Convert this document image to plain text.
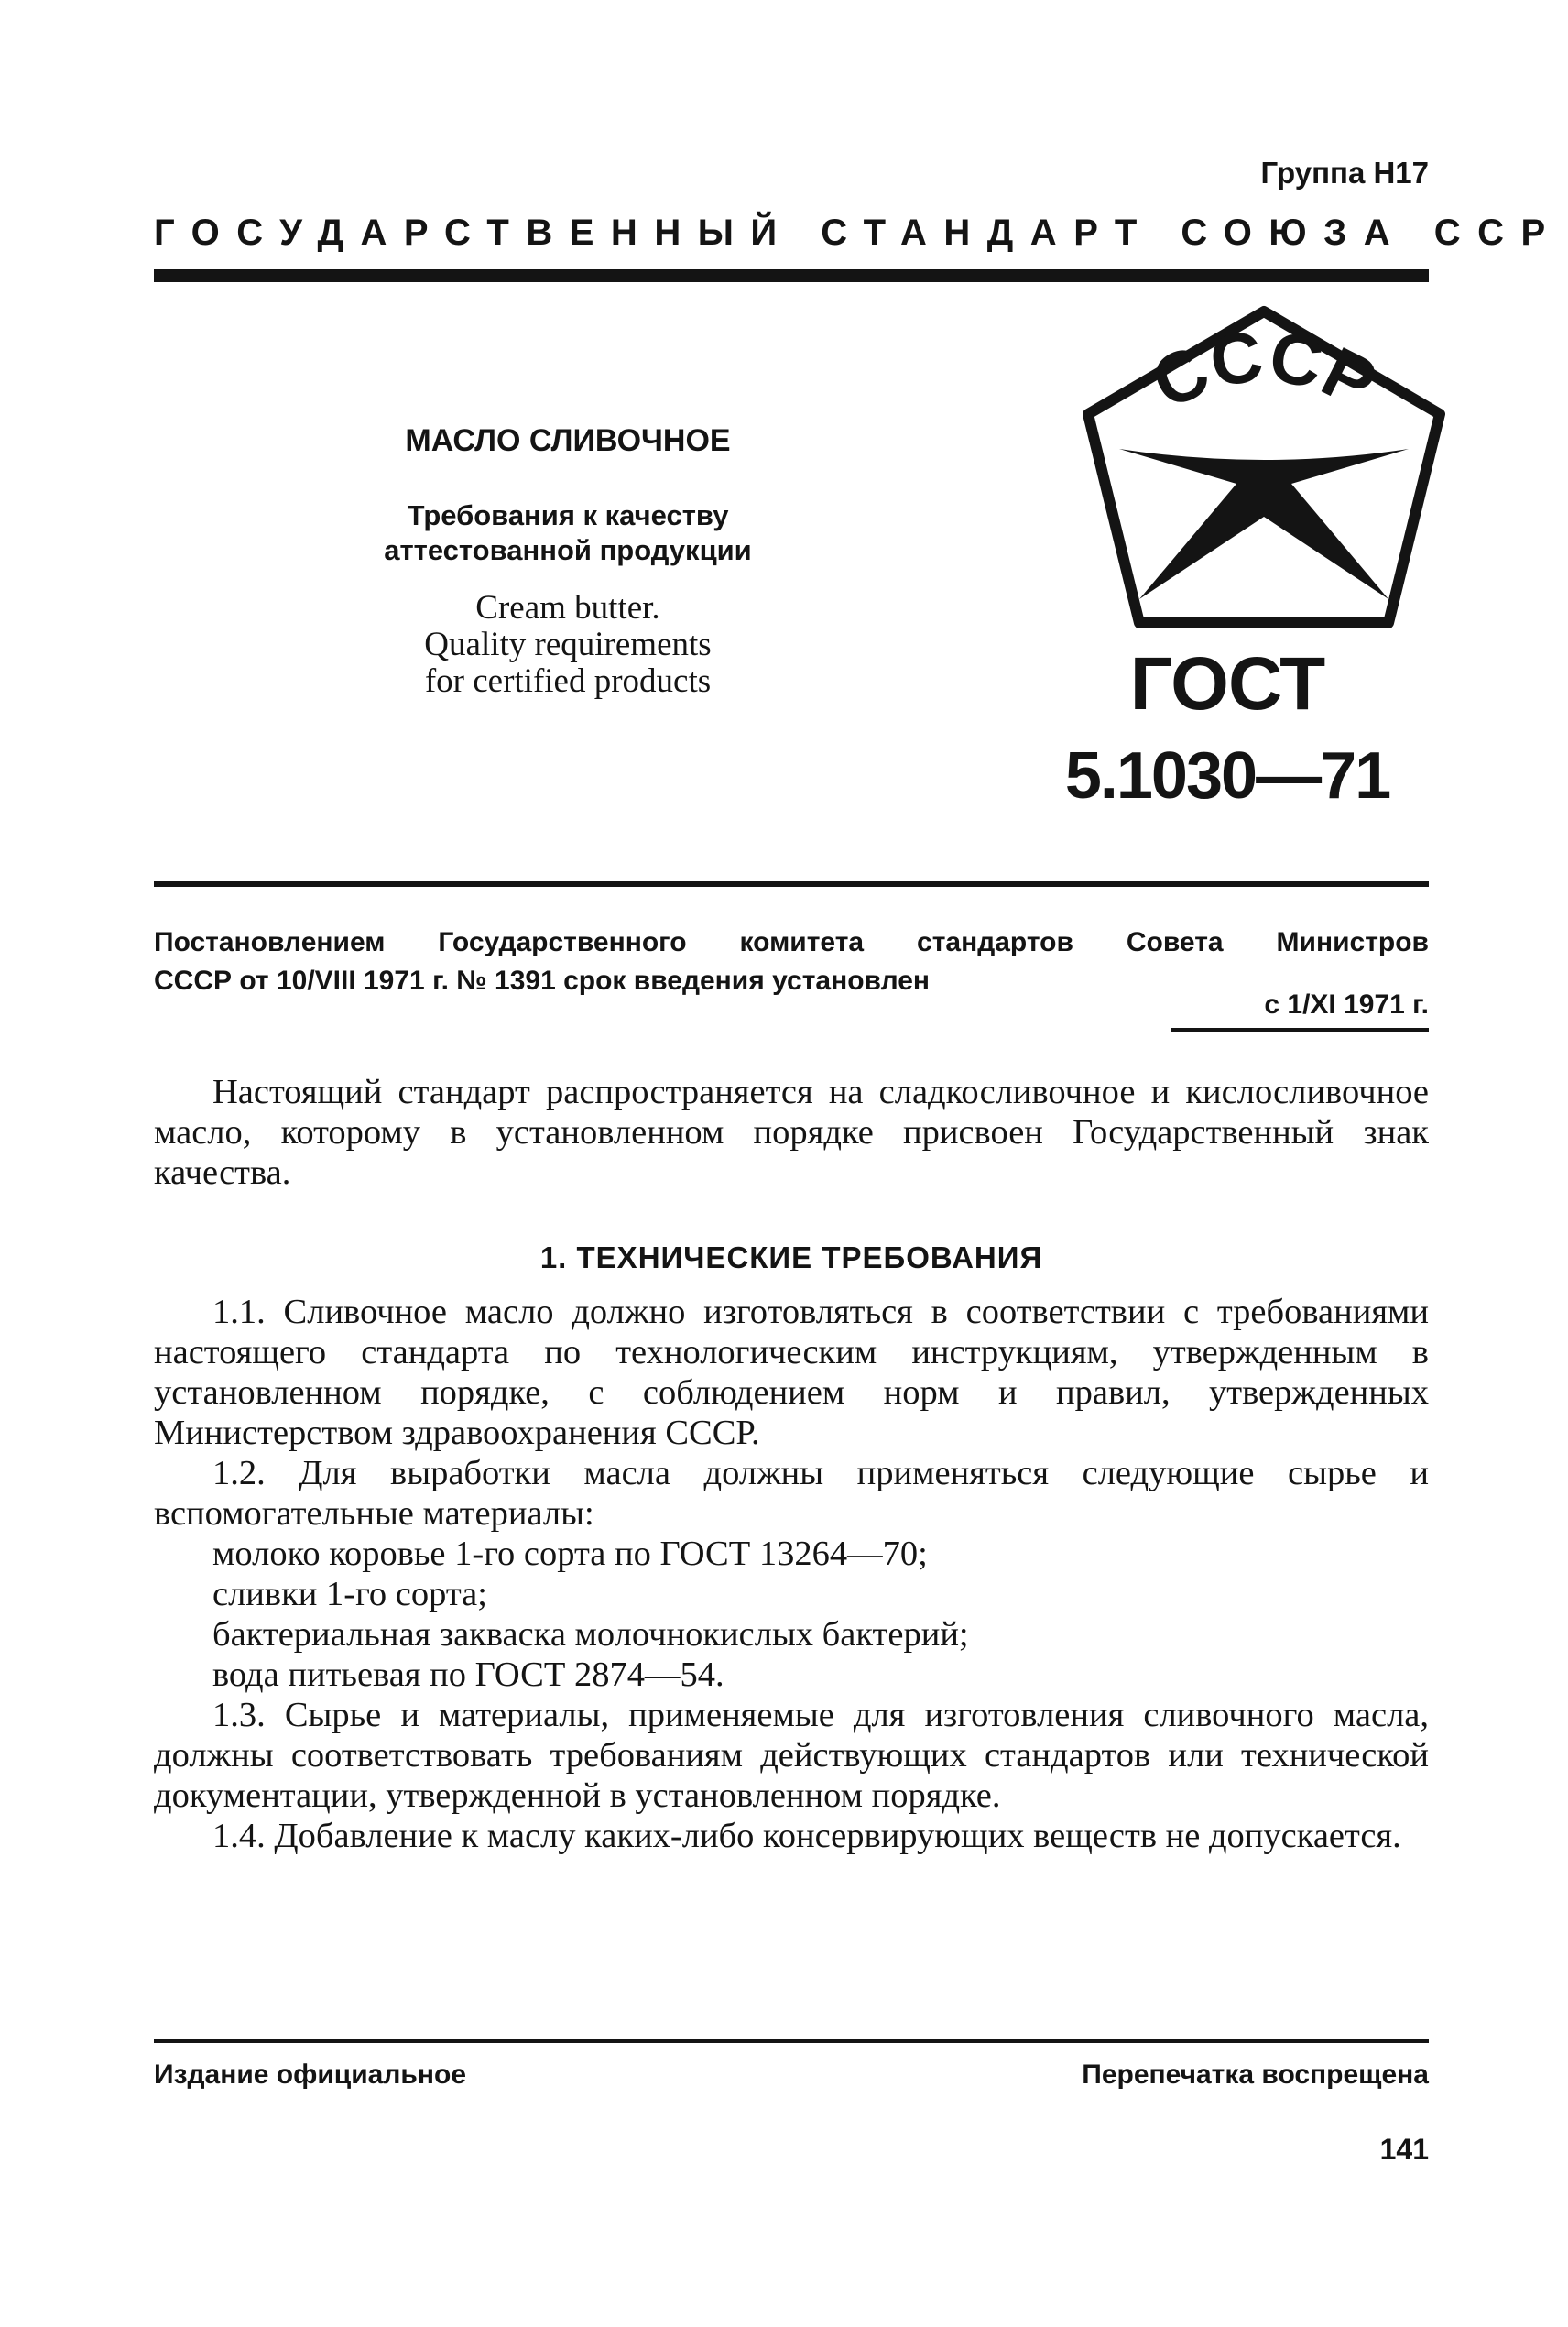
Группа Н17
ГОСУДАРСТВЕННЫЙ СТАНДАРТ СОЮЗА ССР
МАСЛО СЛИВОЧНОЕ
Требования к качеству
аттестованной продукции
Cream butter.
Quality requirements
for certified products
СССР
ГОСТ
5.1030—71
Постановлением Государственного комитета стандартов Совета Министров
СССР от 10/VIII 1971 г. № 1391 срок введения установлен
с 1/XI 1971 г.

Настоящий стандарт распространяется на сладкосливочное и кислосливочное масло, которому в установленном порядке присвоен Государственный знак качества.

1. ТЕХНИЧЕСКИЕ ТРЕБОВАНИЯ

1.1. Сливочное масло должно изготовляться в соответствии с требованиями настоящего стандарта по технологическим инструкциям, утвержденным в установленном порядке, с соблюдением норм и правил, утвержденных Министерством здравоохранения СССР.

1.2. Для выработки масла должны применяться следующие сырье и вспомогательные материалы:

молоко коровье 1-го сорта по ГОСТ 13264—70;

сливки 1-го сорта;

бактериальная закваска молочнокислых бактерий;

вода питьевая по ГОСТ 2874—54.

1.3. Сырье и материалы, применяемые для изготовления сливочного масла, должны соответствовать требованиям действующих стандартов или технической документации, утвержденной в установленном порядке.

1.4. Добавление к маслу каких-либо консервирующих веществ не допускается.

Издание официальное	Перепечатка воспрещена
141
